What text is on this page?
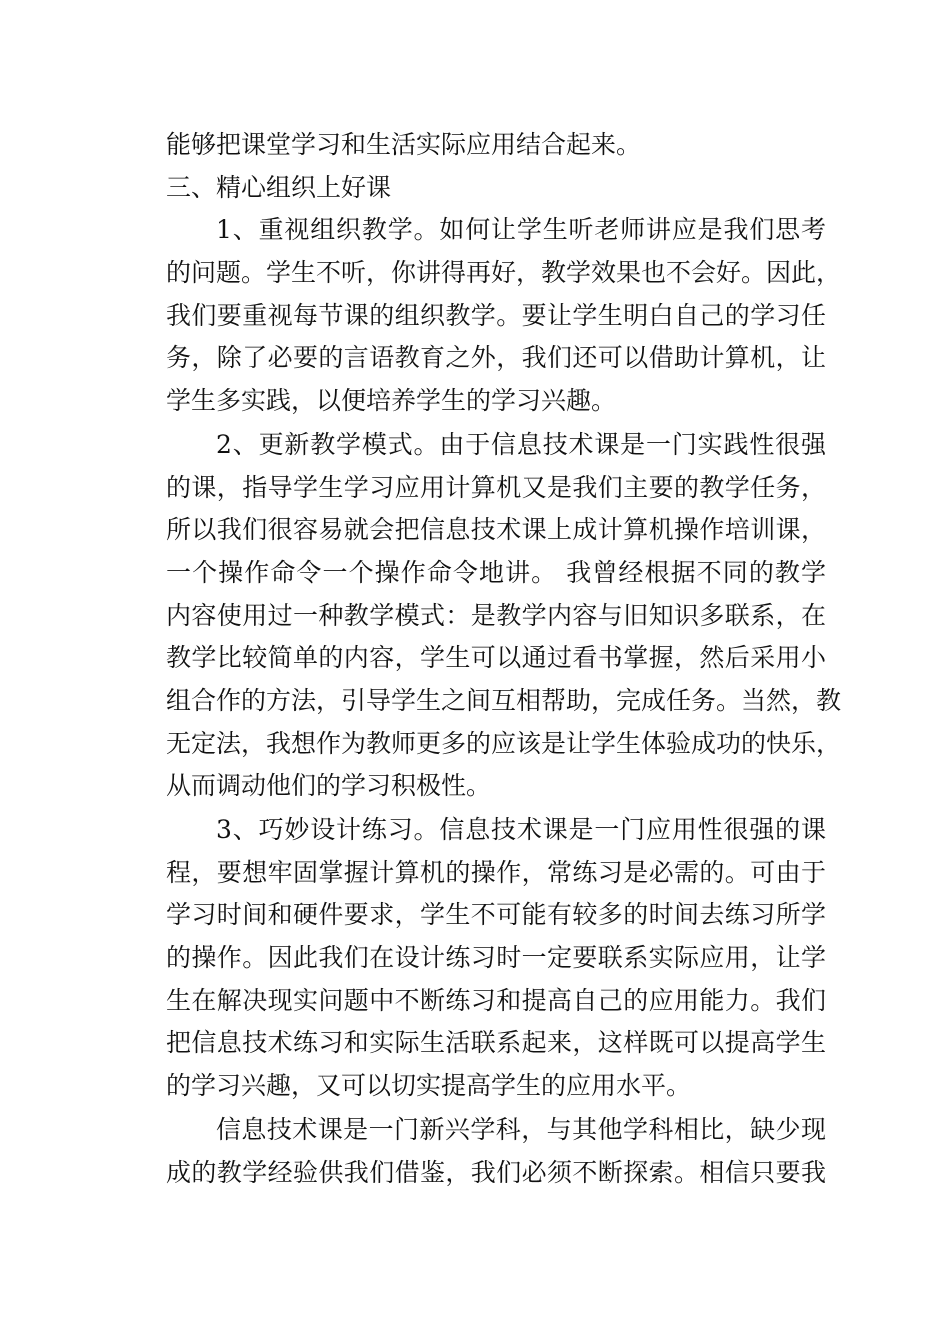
能够把课堂学习和生活实际应用结合起来。
三、精心组织上好课
1、重视组织教学。如何让学生听老师讲应是我们思考
的问题。学生不听，你讲得再好，教学效果也不会好。因此，
我们要重视每节课的组织教学。要让学生明白自己的学习任
务，除了必要的言语教育之外，我们还可以借助计算机，让
学生多实践，以便培养学生的学习兴趣。
2、更新教学模式。由于信息技术课是一门实践性很强
的课，指导学生学习应用计算机又是我们主要的教学任务，
所以我们很容易就会把信息技术课上成计算机操作培训课，
一个操作命令一个操作命令地讲。 我曾经根据不同的教学
内容使用过一种教学模式：是教学内容与旧知识多联系，在
教学比较简单的内容，学生可以通过看书掌握，然后采用小
组合作的方法，引导学生之间互相帮助，完成任务。当然，教
无定法，我想作为教师更多的应该是让学生体验成功的快乐，
从而调动他们的学习积极性。
3、巧妙设计练习。信息技术课是一门应用性很强的课
程，要想牢固掌握计算机的操作，常练习是必需的。可由于
学习时间和硬件要求，学生不可能有较多的时间去练习所学
的操作。因此我们在设计练习时一定要联系实际应用，让学
生在解决现实问题中不断练习和提高自己的应用能力。我们
把信息技术练习和实际生活联系起来，这样既可以提高学生
的学习兴趣，又可以切实提高学生的应用水平。
信息技术课是一门新兴学科，与其他学科相比，缺少现
成的教学经验供我们借鉴，我们必须不断探索。相信只要我
